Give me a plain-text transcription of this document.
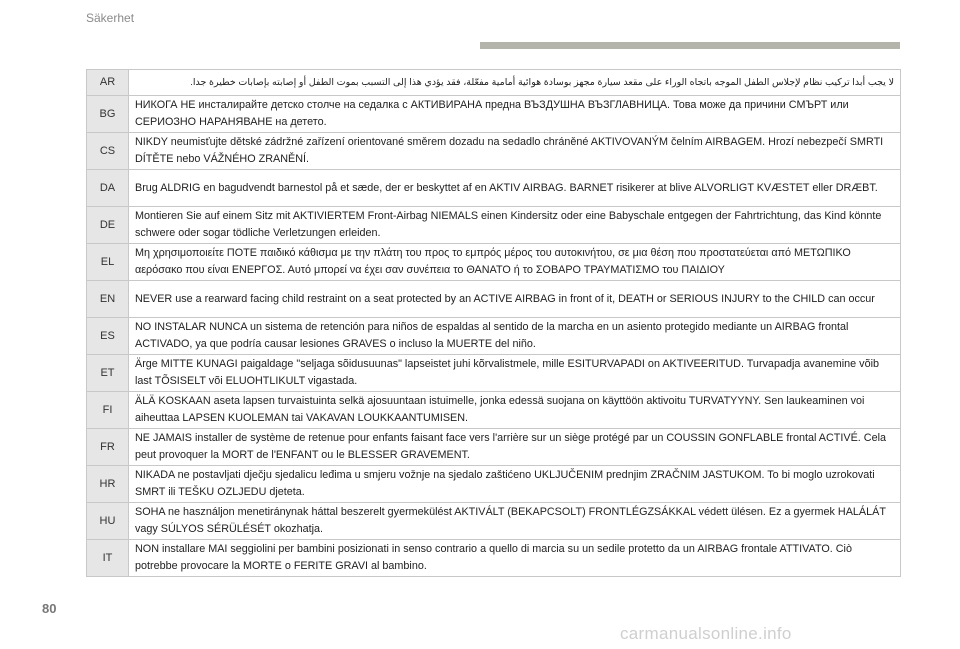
Säkerhet
AR	لا يجب أبدا تركيب نظام لإجلاس الطفل الموجه باتجاه الوراء على مقعد سيارة مجهز بوسادة هوائية أمامية مفعّلة، فقد يؤدي هذا إلى التسبب بموت الطفل أو إصابته بإصابات خطيرة جدا.
BG	НИКОГА НЕ инсталирайте детско столче на седалка с АКТИВИРАНА предна ВЪЗДУШНА ВЪЗГЛАВНИЦА. Това може да причини СМЪРТ или СЕРИОЗНО НАРАНЯВАНЕ на детето.
CS	NIKDY neumisťujte dětské zádržné zařízení orientované směrem dozadu na sedadlo chráněné AKTIVOVANÝM čelním AIRBAGEM. Hrozí nebezpečí SMRTI DÍTĚTE nebo VÁŽNÉHO ZRANĚNÍ.
DA	Brug ALDRIG en bagudvendt barnestol på et sæde, der er beskyttet af en AKTIV AIRBAG. BARNET risikerer at blive ALVORLIGT KVÆSTET eller DRÆBT.
DE	Montieren Sie auf einem Sitz mit AKTIVIERTEM Front-Airbag NIEMALS einen Kindersitz oder eine Babyschale entgegen der Fahrtrichtung, das Kind könnte schwere oder sogar tödliche Verletzungen erleiden.
EL	Μη χρησιμοποιείτε ΠΟΤΕ παιδικό κάθισμα με την πλάτη του προς το εμπρός μέρος του αυτοκινήτου, σε μια θέση που προστατεύεται από ΜΕΤΩΠΙΚΟ αερόσακο που είναι ΕΝΕΡΓΟΣ. Αυτό μπορεί να έχει σαν συνέπεια το ΘΑΝΑΤΟ ή το ΣΟΒΑΡΟ ΤΡΑΥΜΑΤΙΣΜΟ του ΠΑΙΔΙΟΥ
EN	NEVER use a rearward facing child restraint on a seat protected by an ACTIVE AIRBAG in front of it, DEATH or SERIOUS INJURY to the CHILD can occur
ES	NO INSTALAR NUNCA un sistema de retención para niños de espaldas al sentido de la marcha en un asiento protegido mediante un AIRBAG frontal ACTIVADO, ya que podría causar lesiones GRAVES o incluso la MUERTE del niño.
ET	Ärge MITTE KUNAGI paigaldage "seljaga sõidusuunas" lapseistet juhi kõrvalistmele, mille ESITURVAPADI on AKTIVEERITUD. Turvapadja avanemine võib last TÕSISELT või ELUOHTLIKULT vigastada.
FI	ÄLÄ KOSKAAN aseta lapsen turvaistuinta selkä ajosuuntaan istuimelle, jonka edessä suojana on käyttöön aktivoitu TURVATYYNY. Sen laukeaminen voi aiheuttaa LAPSEN KUOLEMAN tai VAKAVAN LOUKKAANTUMISEN.
FR	NE JAMAIS installer de système de retenue pour enfants faisant face vers l'arrière sur un siège protégé par un COUSSIN GONFLABLE frontal ACTIVÉ. Cela peut provoquer la MORT de l'ENFANT ou le BLESSER GRAVEMENT.
HR	NIKADA ne postavljati dječju sjedalicu leđima u smjeru vožnje na sjedalo zaštićeno UKLJUČENIM prednjim ZRAČNIM JASTUKOM. To bi moglo uzrokovati SMRT ili TEŠKU OZLJEDU djeteta.
HU	SOHA ne használjon menetiránynak háttal beszerelt gyermekülést AKTIVÁLT (BEKAPCSOLT) FRONTLÉGZSÁKKAL védett ülésen. Ez a gyermek HALÁLÁT vagy SÚLYOS SÉRÜLÉSÉT okozhatja.
IT	NON installare MAI seggiolini per bambini posizionati in senso contrario a quello di marcia su un sedile protetto da un AIRBAG frontale ATTIVATO. Ciò potrebbe provocare la MORTE o FERITE GRAVI al bambino.
80
carmanualsonline.info
